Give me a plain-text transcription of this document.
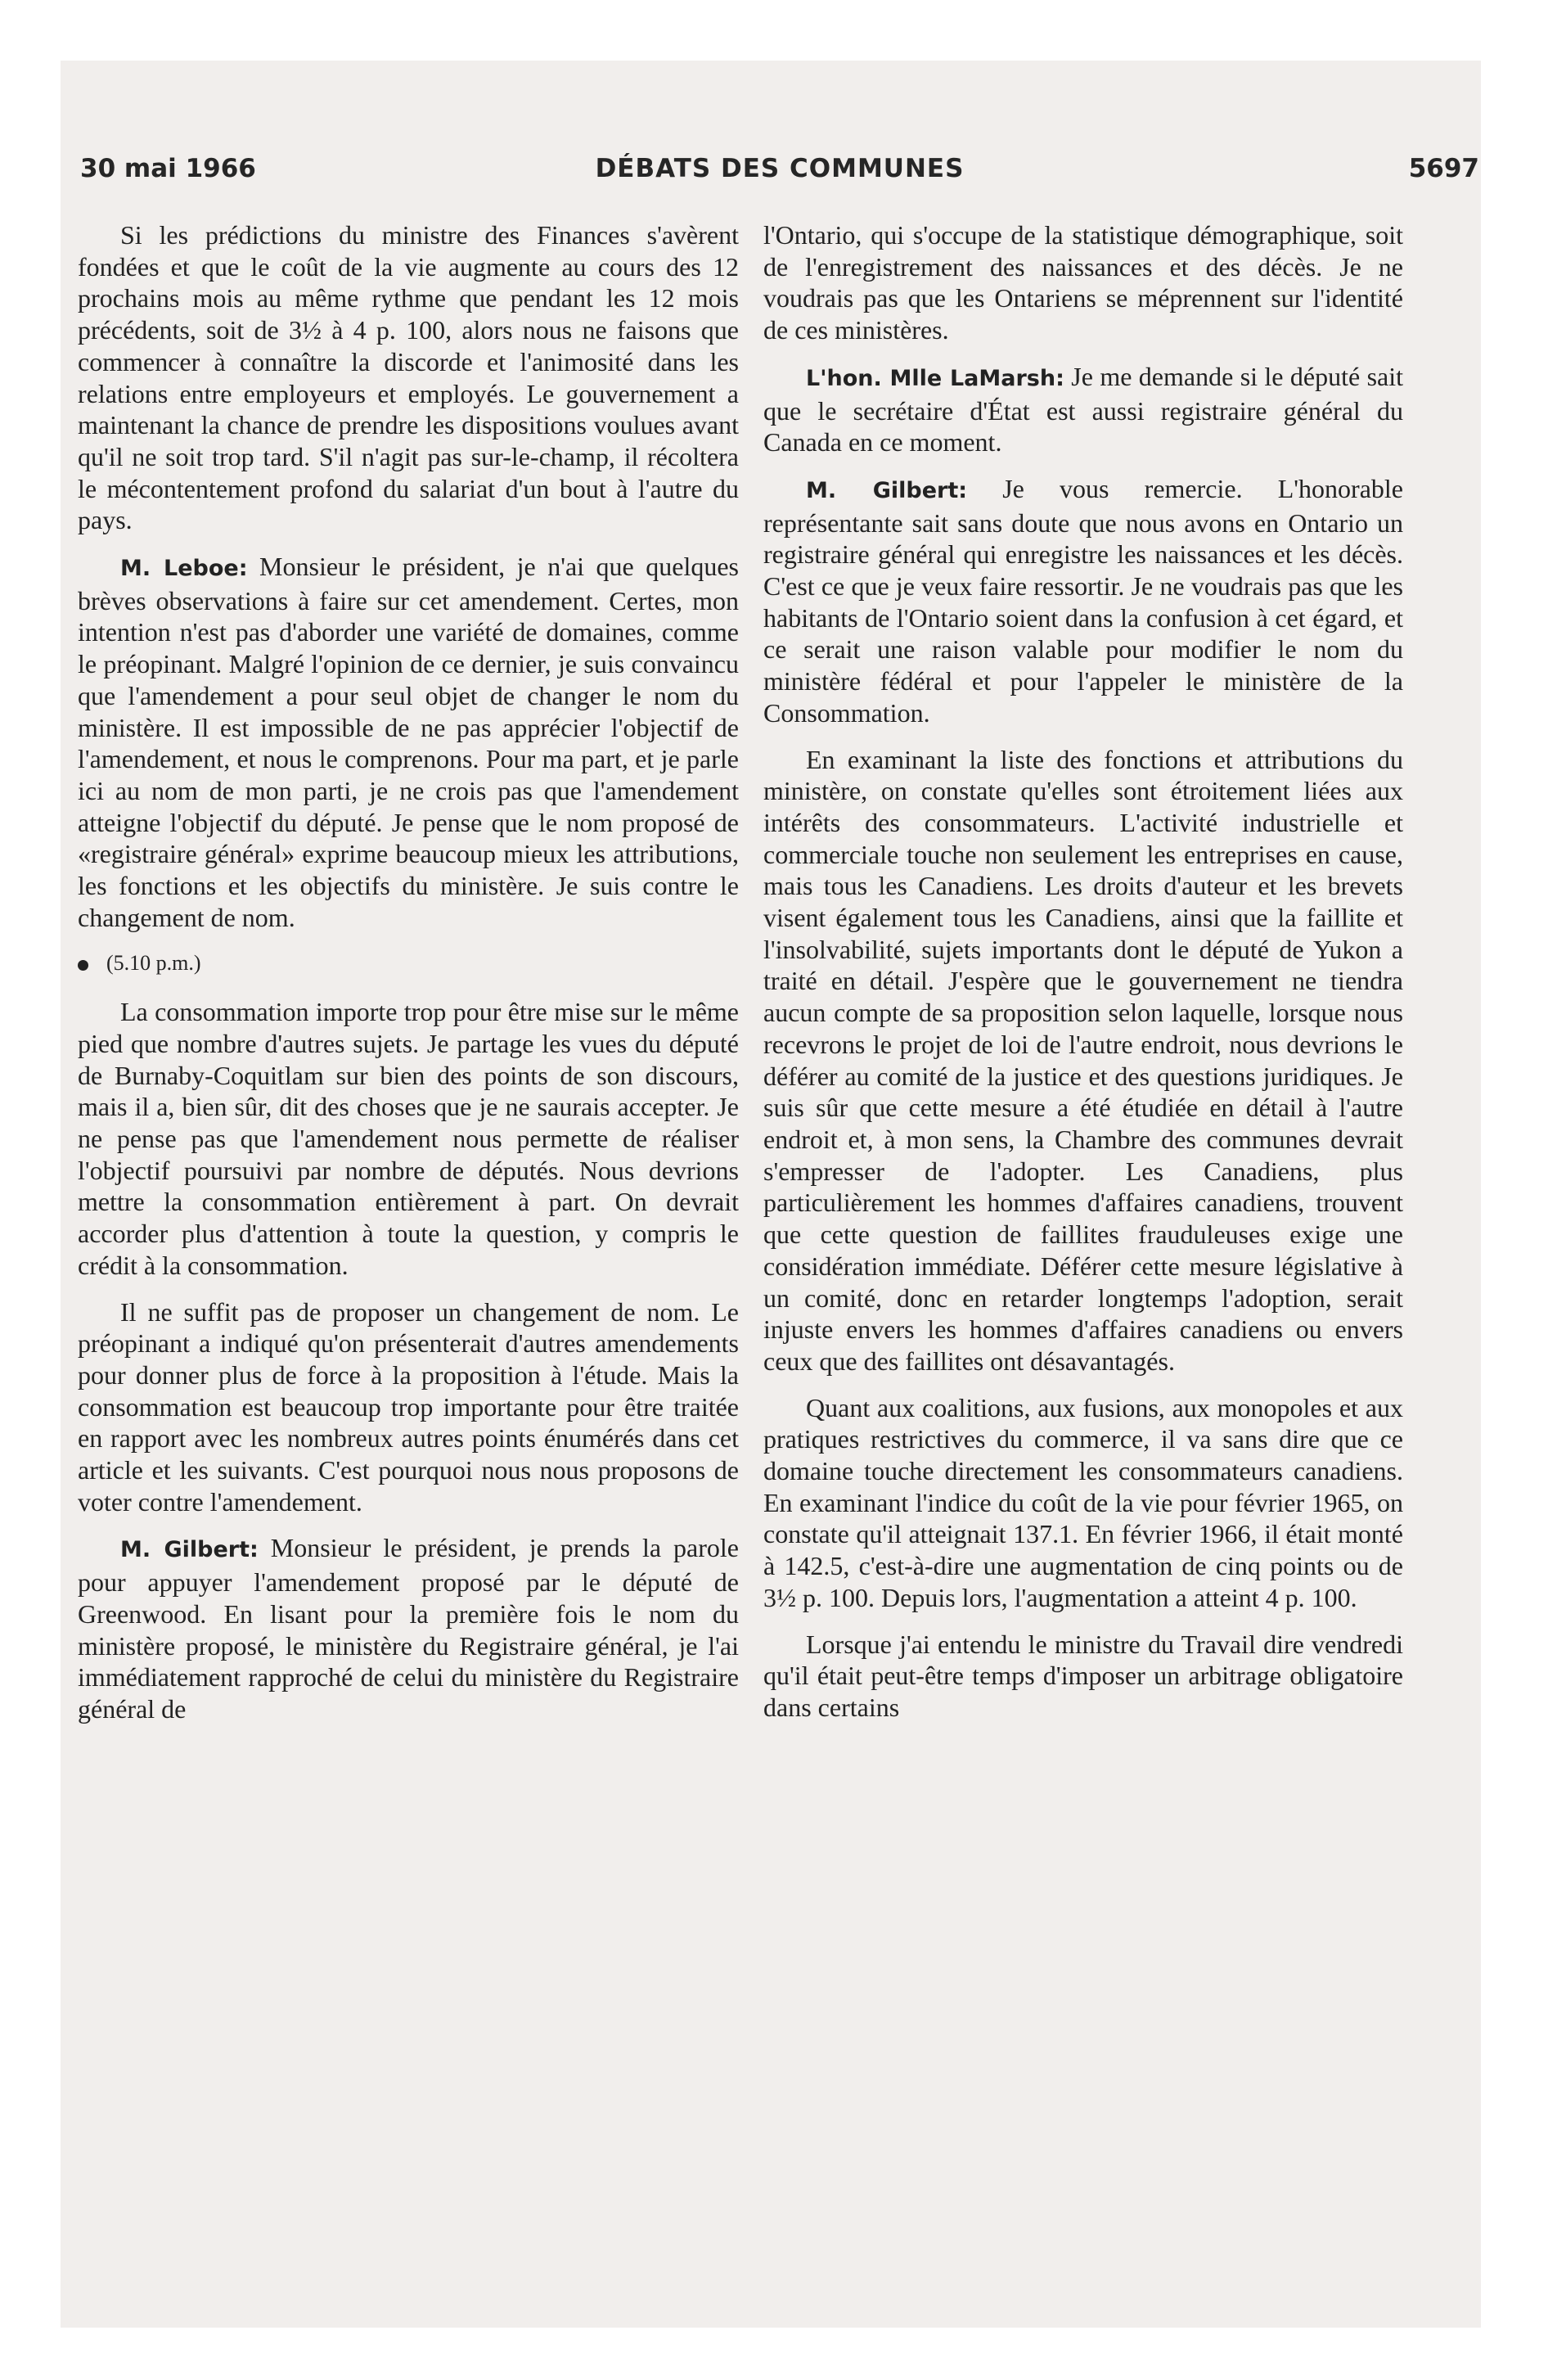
30 mai 1966	DÉBATS DES COMMUNES	5697

Si les prédictions du ministre des Finances s'avèrent fondées et que le coût de la vie augmente au cours des 12 prochains mois au même rythme que pendant les 12 mois précédents, soit de 3½ à 4 p. 100, alors nous ne faisons que commencer à connaître la discorde et l'animosité dans les relations entre employeurs et employés. Le gouvernement a maintenant la chance de prendre les dispositions voulues avant qu'il ne soit trop tard. S'il n'agit pas sur-le-champ, il récoltera le mécontentement profond du salariat d'un bout à l'autre du pays.

M. Leboe: Monsieur le président, je n'ai que quelques brèves observations à faire sur cet amendement. Certes, mon intention n'est pas d'aborder une variété de domaines, comme le préopinant. Malgré l'opinion de ce dernier, je suis convaincu que l'amendement a pour seul objet de changer le nom du ministère. Il est impossible de ne pas apprécier l'objectif de l'amendement, et nous le comprenons. Pour ma part, et je parle ici au nom de mon parti, je ne crois pas que l'amendement atteigne l'objectif du député. Je pense que le nom proposé de «registraire général» exprime beaucoup mieux les attributions, les fonctions et les objectifs du ministère. Je suis contre le changement de nom.

(5.10 p.m.)

La consommation importe trop pour être mise sur le même pied que nombre d'autres sujets. Je partage les vues du député de Burnaby-Coquitlam sur bien des points de son discours, mais il a, bien sûr, dit des choses que je ne saurais accepter. Je ne pense pas que l'amendement nous permette de réaliser l'objectif poursuivi par nombre de députés. Nous devrions mettre la consommation entièrement à part. On devrait accorder plus d'attention à toute la question, y compris le crédit à la consommation.

Il ne suffit pas de proposer un changement de nom. Le préopinant a indiqué qu'on présenterait d'autres amendements pour donner plus de force à la proposition à l'étude. Mais la consommation est beaucoup trop importante pour être traitée en rapport avec les nombreux autres points énumérés dans cet article et les suivants. C'est pourquoi nous nous proposons de voter contre l'amendement.

M. Gilbert: Monsieur le président, je prends la parole pour appuyer l'amendement proposé par le député de Greenwood. En lisant pour la première fois le nom du ministère proposé, le ministère du Registraire général, je l'ai immédiatement rapproché de celui du ministère du Registraire général de

l'Ontario, qui s'occupe de la statistique démographique, soit de l'enregistrement des naissances et des décès. Je ne voudrais pas que les Ontariens se méprennent sur l'identité de ces ministères.

L'hon. Mlle LaMarsh: Je me demande si le député sait que le secrétaire d'État est aussi registraire général du Canada en ce moment.

M. Gilbert: Je vous remercie. L'honorable représentante sait sans doute que nous avons en Ontario un registraire général qui enregistre les naissances et les décès. C'est ce que je veux faire ressortir. Je ne voudrais pas que les habitants de l'Ontario soient dans la confusion à cet égard, et ce serait une raison valable pour modifier le nom du ministère fédéral et pour l'appeler le ministère de la Consommation.

En examinant la liste des fonctions et attributions du ministère, on constate qu'elles sont étroitement liées aux intérêts des consommateurs. L'activité industrielle et commerciale touche non seulement les entreprises en cause, mais tous les Canadiens. Les droits d'auteur et les brevets visent également tous les Canadiens, ainsi que la faillite et l'insolvabilité, sujets importants dont le député de Yukon a traité en détail. J'espère que le gouvernement ne tiendra aucun compte de sa proposition selon laquelle, lorsque nous recevrons le projet de loi de l'autre endroit, nous devrions le déférer au comité de la justice et des questions juridiques. Je suis sûr que cette mesure a été étudiée en détail à l'autre endroit et, à mon sens, la Chambre des communes devrait s'empresser de l'adopter. Les Canadiens, plus particulièrement les hommes d'affaires canadiens, trouvent que cette question de faillites frauduleuses exige une considération immédiate. Déférer cette mesure législative à un comité, donc en retarder longtemps l'adoption, serait injuste envers les hommes d'affaires canadiens ou envers ceux que des faillites ont désavantagés.

Quant aux coalitions, aux fusions, aux monopoles et aux pratiques restrictives du commerce, il va sans dire que ce domaine touche directement les consommateurs canadiens. En examinant l'indice du coût de la vie pour février 1965, on constate qu'il atteignait 137.1. En février 1966, il était monté à 142.5, c'est-à-dire une augmentation de cinq points ou de 3½ p. 100. Depuis lors, l'augmentation a atteint 4 p. 100.

Lorsque j'ai entendu le ministre du Travail dire vendredi qu'il était peut-être temps d'imposer un arbitrage obligatoire dans certains
